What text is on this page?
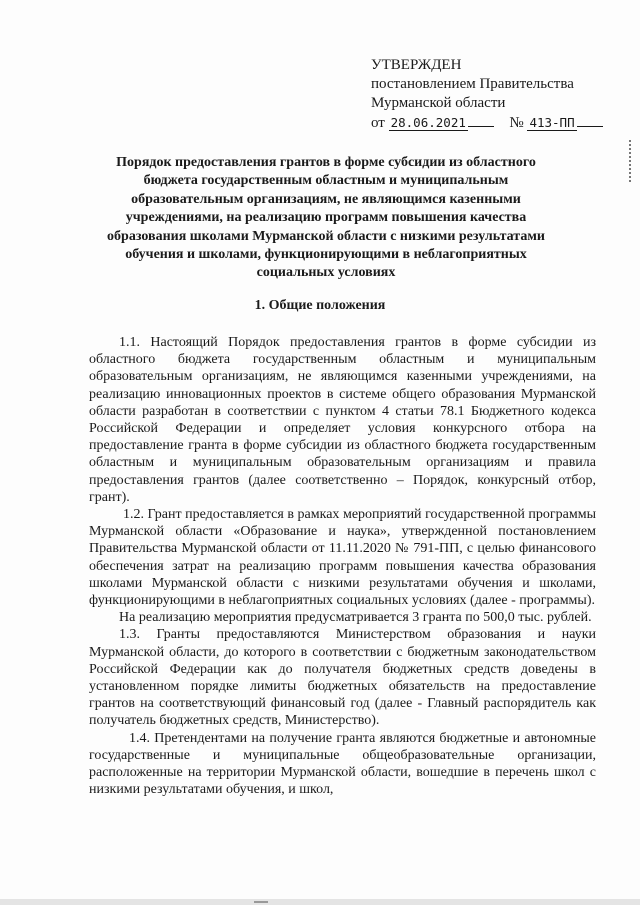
УТВЕРЖДЕН
постановлением Правительства
Мурманской области
от 28.06.2021	№ 413-ПП
Порядок предоставления грантов в форме субсидии из областного бюджета государственным областным и муниципальным образовательным организациям, не являющимся казенными учреждениями, на реализацию программ повышения качества образования школами Мурманской области с низкими результатами обучения и школами, функционирующими в неблагоприятных социальных условиях
1. Общие положения

1.1. Настоящий Порядок предоставления грантов в форме субсидии из областного бюджета государственным областным и муниципальным образовательным организациям, не являющимся казенными учреждениями, на реализацию инновационных проектов в системе общего образования Мурманской области разработан в соответствии с пунктом 4 статьи 78.1 Бюджетного кодекса Российской Федерации и определяет условия конкурсного отбора на предоставление гранта в форме субсидии из областного бюджета государственным областным и муниципальным образовательным организациям и правила предоставления грантов (далее соответственно – Порядок, конкурсный отбор, грант).

1.2. Грант предоставляется в рамках мероприятий государственной программы Мурманской области «Образование и наука», утвержденной постановлением Правительства Мурманской области от 11.11.2020 № 791-ПП, с целью финансового обеспечения затрат на реализацию программ повышения качества образования школами Мурманской области с низкими результатами обучения и школами, функционирующими в неблагоприятных социальных условиях (далее - программы).

На реализацию мероприятия предусматривается 3 гранта по 500,0 тыс. рублей.

1.3. Гранты предоставляются Министерством образования и науки Мурманской области, до которого в соответствии с бюджетным законодательством Российской Федерации как до получателя бюджетных средств доведены в установленном порядке лимиты бюджетных обязательств на предоставление грантов на соответствующий финансовый год (далее - Главный распорядитель как получатель бюджетных средств, Министерство).

1.4. Претендентами на получение гранта являются бюджетные и автономные государственные и муниципальные общеобразовательные организации, расположенные на территории Мурманской области, вошедшие в перечень школ с низкими результатами обучения, и школ,
